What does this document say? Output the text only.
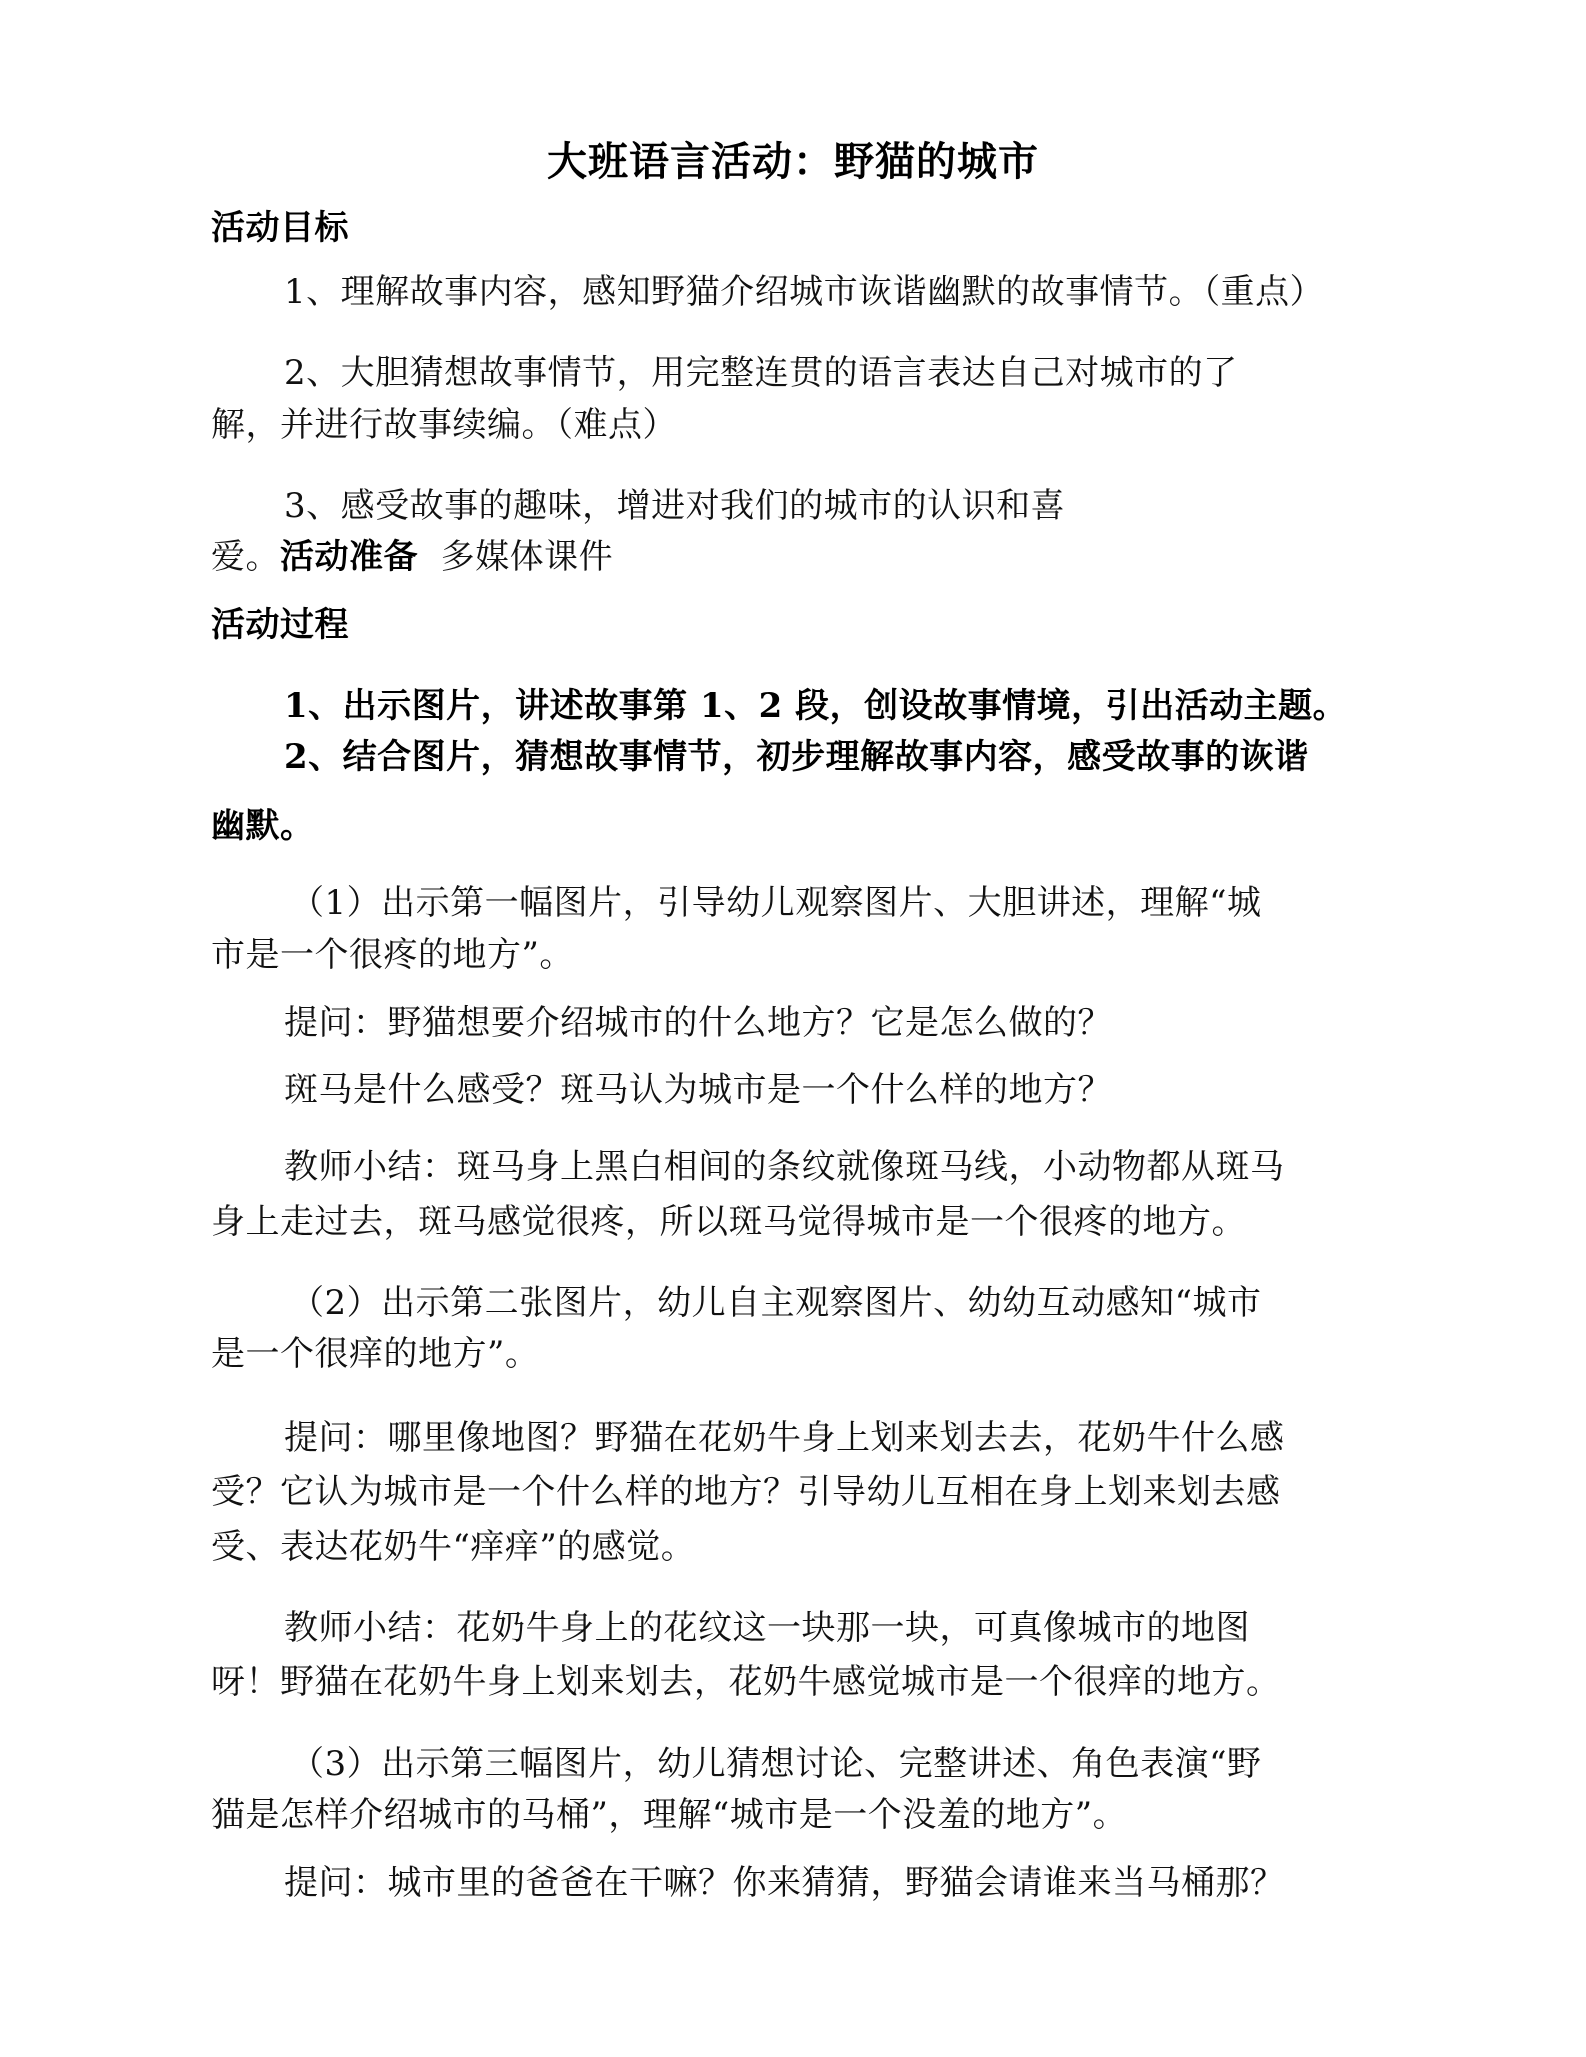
大班语言活动：野猫的城市
活动目标
1、理解故事内容，感知野猫介绍城市诙谐幽默的故事情节。（重点）
2、大胆猜想故事情节，用完整连贯的语言表达自己对城市的了
解，并进行故事续编。（难点）
3、感受故事的趣味，增进对我们的城市的认识和喜
爱。活动准备 多媒体课件
活动过程
1、出示图片，讲述故事第 1、2 段，创设故事情境，引出活动主题。
2、结合图片，猜想故事情节，初步理解故事内容，感受故事的诙谐
幽默。
（1）出示第一幅图片，引导幼儿观察图片、大胆讲述，理解“城
市是一个很疼的地方”。
提问：野猫想要介绍城市的什么地方？它是怎么做的？
斑马是什么感受？斑马认为城市是一个什么样的地方？
教师小结：斑马身上黑白相间的条纹就像斑马线，小动物都从斑马
身上走过去，斑马感觉很疼，所以斑马觉得城市是一个很疼的地方。
（2）出示第二张图片，幼儿自主观察图片、幼幼互动感知“城市
是一个很痒的地方”。
提问：哪里像地图？野猫在花奶牛身上划来划去去，花奶牛什么感
受？它认为城市是一个什么样的地方？引导幼儿互相在身上划来划去感
受、表达花奶牛“痒痒”的感觉。
教师小结：花奶牛身上的花纹这一块那一块，可真像城市的地图
呀！野猫在花奶牛身上划来划去，花奶牛感觉城市是一个很痒的地方。
（3）出示第三幅图片，幼儿猜想讨论、完整讲述、角色表演“野
猫是怎样介绍城市的马桶”，理解“城市是一个没羞的地方”。
提问：城市里的爸爸在干嘛？你来猜猜，野猫会请谁来当马桶那？
